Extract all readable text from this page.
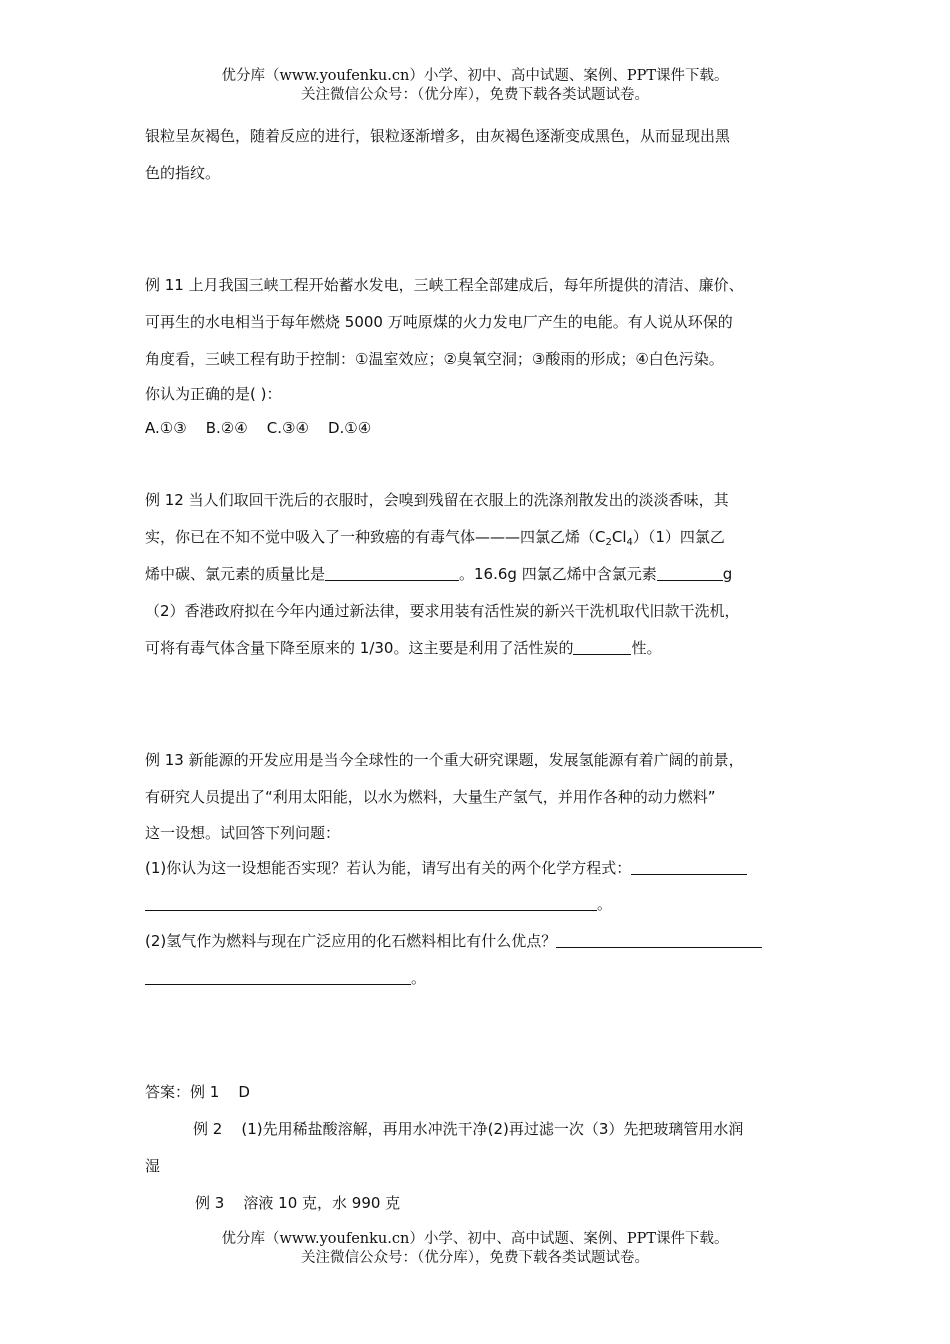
优分库（www.youfenku.cn）小学、初中、高中试题、案例、PPT课件下载。
关注微信公众号：（优分库），免费下载各类试题试卷。

银粒呈灰褐色，随着反应的进行，银粒逐渐增多，由灰褐色逐渐变成黑色，从而显现出黑

色的指纹。

例 11 上月我国三峡工程开始蓄水发电，三峡工程全部建成后，每年所提供的清洁、廉价、

可再生的水电相当于每年燃烧 5000 万吨原煤的火力发电厂产生的电能。有人说从环保的

角度看，三峡工程有助于控制：①温室效应；②臭氧空洞；③酸雨的形成；④白色污染。

你认为正确的是( )：

A.①③    B.②④    C.③④    D.①④

例 12 当人们取回干洗后的衣服时，会嗅到残留在衣服上的洗涤剂散发出的淡淡香味，其

实，你已在不知不觉中吸入了一种致癌的有毒气体———四氯乙烯$(C_2Cl_4)(1)$四氯乙

烯中碳、氯元素的质量比是	。16.6g 四氯乙烯中含氯元素	g

（2）香港政府拟在今年内通过新法律，要求用装有活性炭的新兴干洗机取代旧款干洗机，

可将有毒气体含量下降至原来的 1/30。这主要是利用了活性炭的	性。

例 13 新能源的开发应用是当今全球性的一个重大研究课题，发展氢能源有着广阔的前景，

有研究人员提出了“利用太阳能，以水为燃料，大量生产氢气，并用作各种的动力燃料”

这一设想。试回答下列问题：

(1)你认为这一设想能否实现？若认为能，请写出有关的两个化学方程式：

。

(2)氢气作为燃料与现在广泛应用的化石燃料相比有什么优点？

。

答案：例 1    D

例 2    (1)先用稀盐酸溶解，再用水冲洗干净(2)再过滤一次（3）先把玻璃管用水润

湿

例 3    溶液 10 克，水 990 克

优分库（www.youfenku.cn）小学、初中、高中试题、案例、PPT课件下载。
关注微信公众号：（优分库），免费下载各类试题试卷。
